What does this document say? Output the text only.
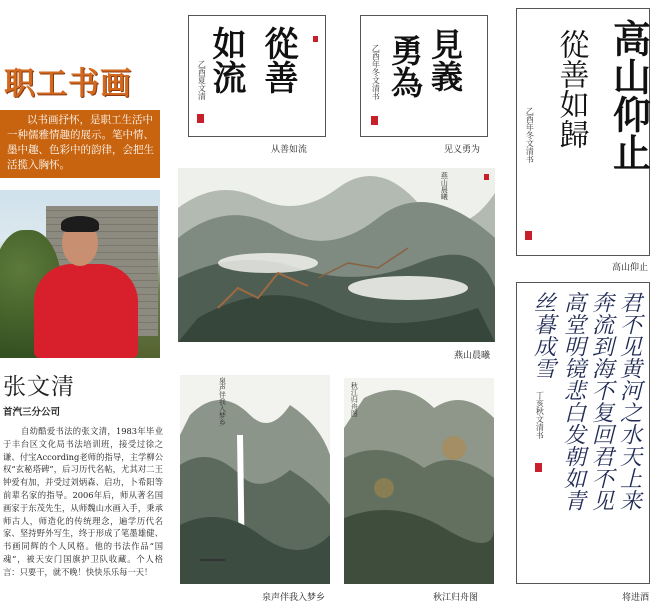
职工书画
以书画抒怀，是职工生活中一种儒雅情趣的展示。笔中情、墨中趣、色彩中的韵律，会把生活揽入胸怀。
张文清
首汽三分公司
自幼酷爱书法的张文清，1983年毕业于丰台区文化局书法培训班，接受过徐之谦、付宝According老师的指导，主学柳公权“玄秘塔碑”，后习历代名帖，尤其对二王钟爱有加，并受过刘炳森、启功，卜希阳等前辈名家的指导。2006年后，师从著名国画家于东茂先生，从师魏山水画入手，秉承师古人，师造化的传统理念，遍学历代名家、坚持野外写生，终于形成了笔墨雄健、书画同辉的个人风格。他的书法作品“国魂”，被天安门国旗护卫队收藏。个人格言：只要干，就不晚！快快乐乐每一天！
從善
如流
乙酉夏文清
从善如流
見義
勇為
乙酉年冬文清书
见义勇为	高山仰止
從善如歸
乙酉年冬文清书
高山仰止
燕山晨曦
燕山晨曦
泉声伴我入梦乡
泉声伴我入梦乡
秋江归舟图
秋江归舟图
君不见黄河之水天上来
奔流到海不复回君不见
高堂明镜悲白发朝如青
丝暮成雪
丁亥秋文清书
将进酒
